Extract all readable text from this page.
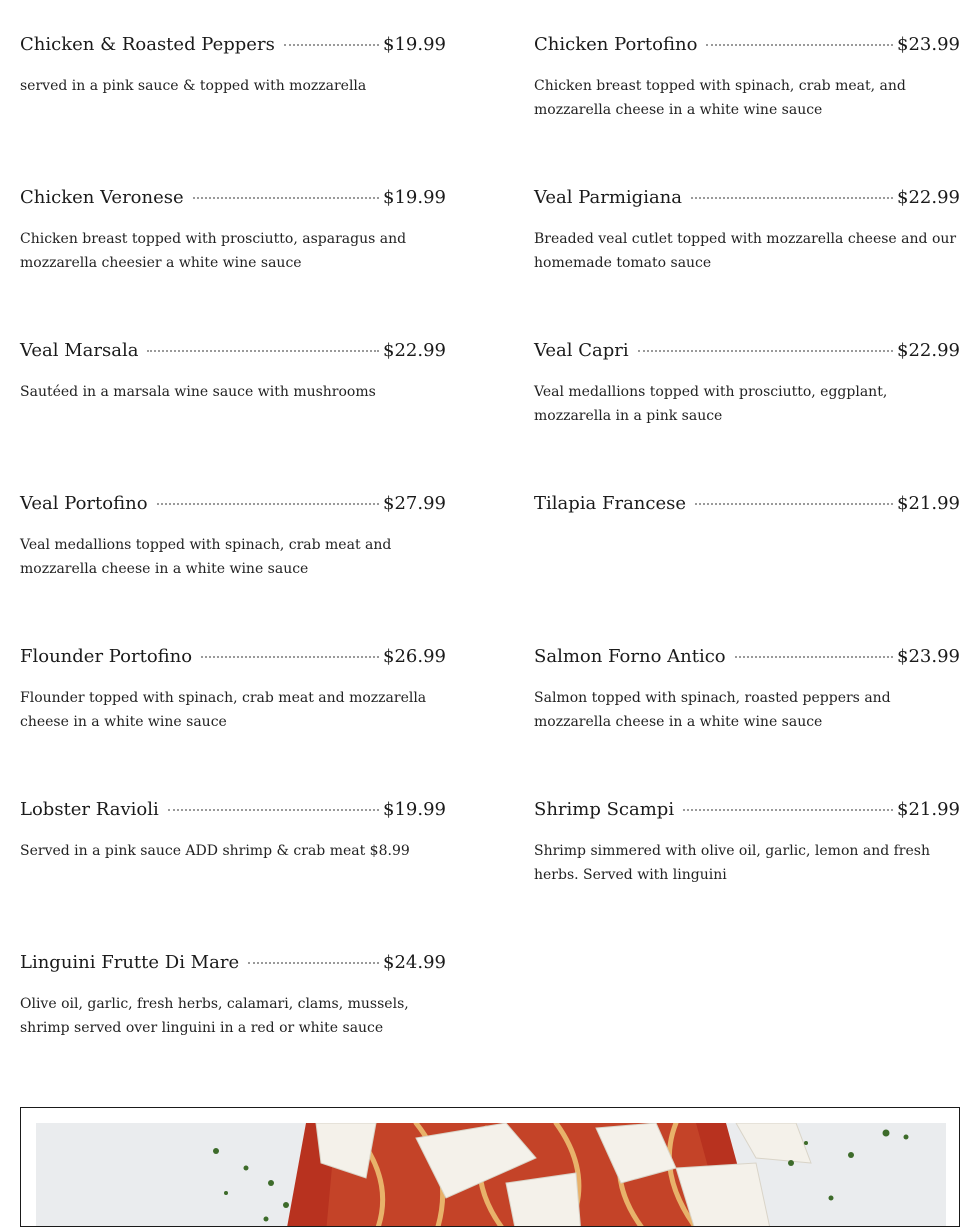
Chicken & Roasted Peppers	$19.99
served in a pink sauce & topped with mozzarella
Chicken Portofino	$23.99
Chicken breast topped with spinach, crab meat, and mozzarella cheese in a white wine sauce
Chicken Veronese	$19.99
Chicken breast topped with prosciutto, asparagus and mozzarella cheesier a white wine sauce
Veal Parmigiana	$22.99
Breaded veal cutlet topped with mozzarella cheese and our homemade tomato sauce
Veal Marsala	$22.99
Sautéed in a marsala wine sauce with mushrooms
Veal Capri	$22.99
Veal medallions topped with prosciutto, eggplant, mozzarella in a pink sauce
Veal Portofino	$27.99
Veal medallions topped with spinach, crab meat and mozzarella cheese in a white wine sauce
Tilapia Francese	$21.99
Flounder Portofino	$26.99
Flounder topped with spinach, crab meat and mozzarella cheese in a white wine sauce
Salmon Forno Antico	$23.99
Salmon topped with spinach, roasted peppers and mozzarella cheese in a white wine sauce
Lobster Ravioli	$19.99
Served in a pink sauce ADD shrimp & crab meat $8.99
Shrimp Scampi	$21.99
Shrimp simmered with olive oil, garlic, lemon and fresh herbs. Served with linguini
Linguini Frutte Di Mare	$24.99
Olive oil, garlic, fresh herbs, calamari, clams, mussels, shrimp served over linguini in a red or white sauce
